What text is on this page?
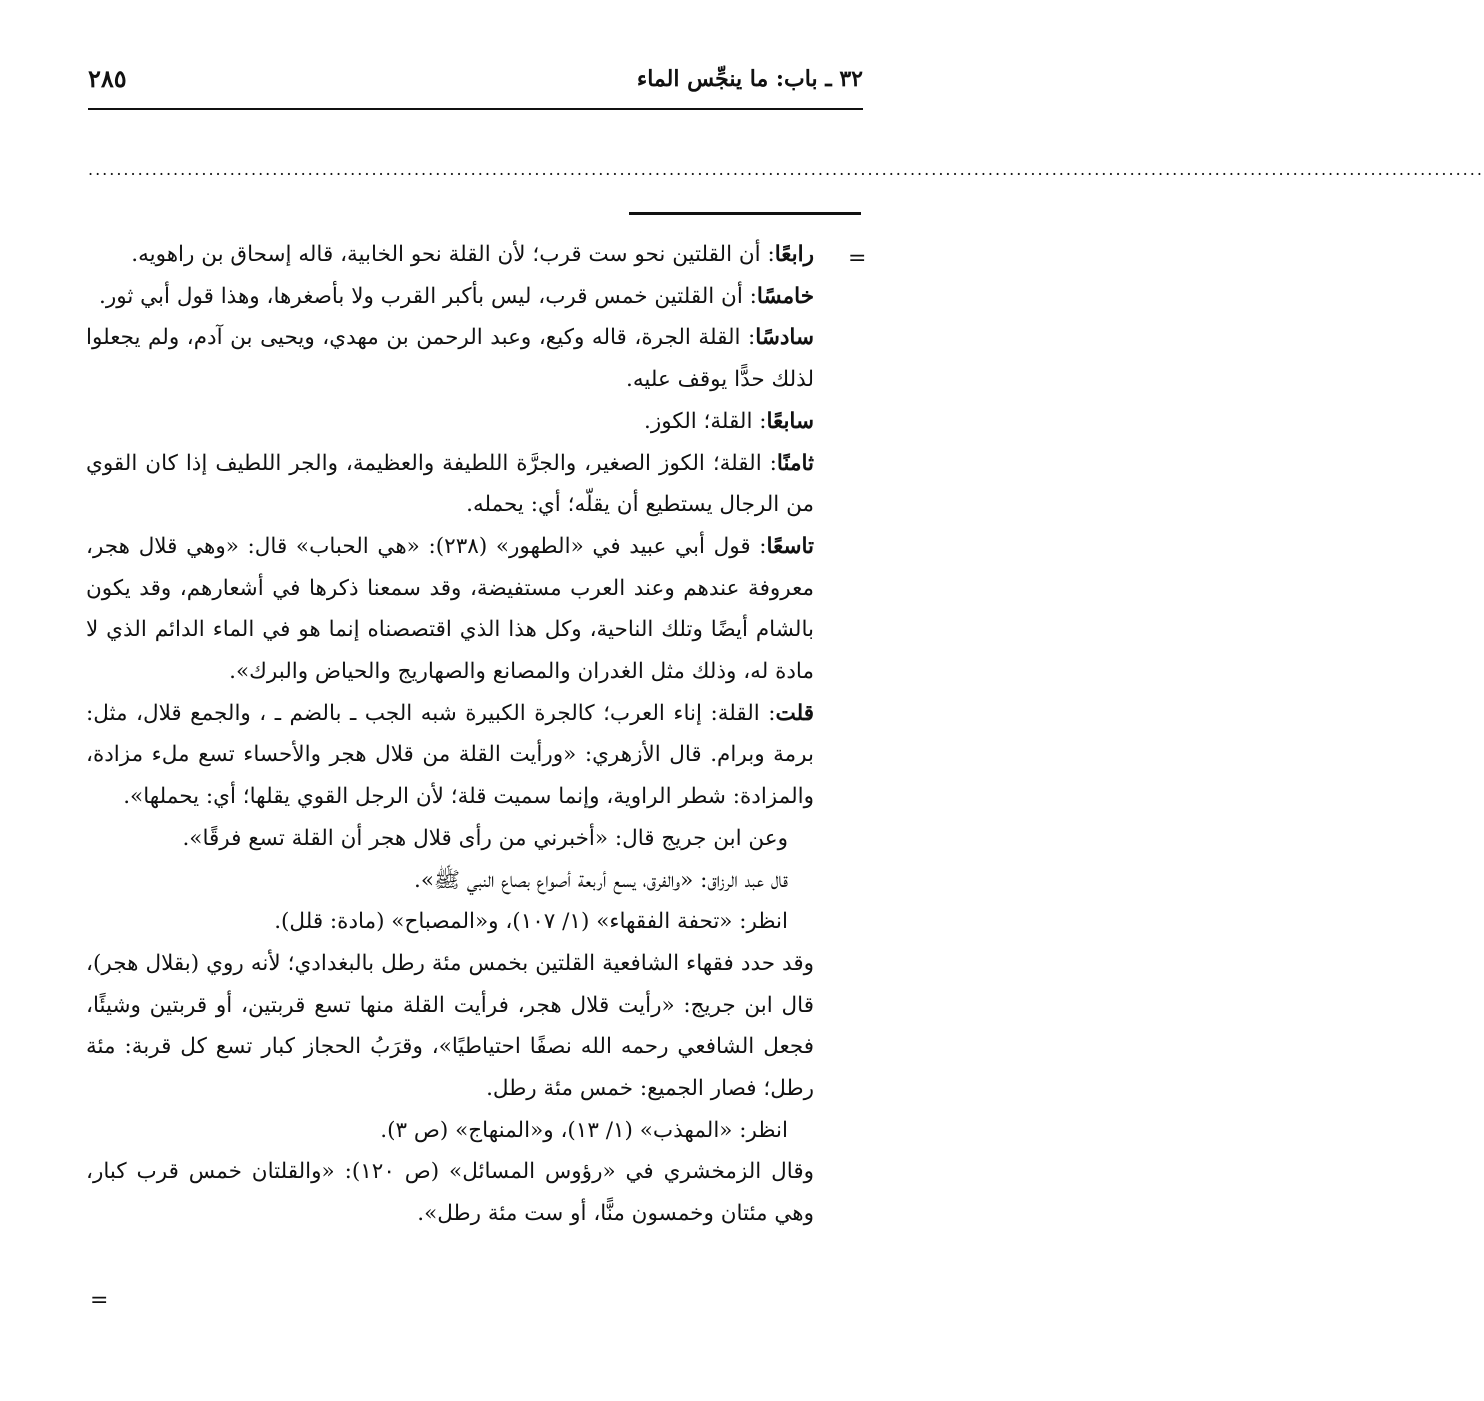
٢٨٥	٣٢ ـ باب: ما ينجِّس الماء
.....................................................................................................................................................................................................
=

رابعًا: أن القلتين نحو ست قرب؛ لأن القلة نحو الخابية، قاله إسحاق بن راهويه.

خامسًا: أن القلتين خمس قرب، ليس بأكبر القرب ولا بأصغرها، وهذا قول أبي ثور.

سادسًا: القلة الجرة، قاله وكيع، وعبد الرحمن بن مهدي، ويحيى بن آدم، ولم يجعلوا لذلك حدًّا يوقف عليه.

سابعًا: القلة؛ الكوز.

ثامنًا: القلة؛ الكوز الصغير، والجرَّة اللطيفة والعظيمة، والجر اللطيف إذا كان القوي من الرجال يستطيع أن يقلّه؛ أي: يحمله.

تاسعًا: قول أبي عبيد في «الطهور» (٢٣٨): «هي الحباب» قال: «وهي قلال هجر، معروفة عندهم وعند العرب مستفيضة، وقد سمعنا ذكرها في أشعارهم، وقد يكون بالشام أيضًا وتلك الناحية، وكل هذا الذي اقتصصناه إنما هو في الماء الدائم الذي لا مادة له، وذلك مثل الغدران والمصانع والصهاريج والحياض والبرك».

قلت: القلة: إناء العرب؛ كالجرة الكبيرة شبه الجب ـ بالضم ـ ، والجمع قلال، مثل: برمة وبرام. قال الأزهري: «ورأيت القلة من قلال هجر والأحساء تسع ملء مزادة، والمزادة: شطر الراوية، وإنما سميت قلة؛ لأن الرجل القوي يقلها؛ أي: يحملها».

وعن ابن جريج قال: «أخبرني من رأى قلال هجر أن القلة تسع فرقًا».

قال عبد الرزاق: «والفرق، يسع أربعة أصواع بصاع النبي ﷺ».

انظر: «تحفة الفقهاء» (١/ ١٠٧)، و«المصباح» (مادة: قلل).

وقد حدد فقهاء الشافعية القلتين بخمس مئة رطل بالبغدادي؛ لأنه روي (بقلال هجر)، قال ابن جريج: «رأيت قلال هجر، فرأيت القلة منها تسع قربتين، أو قربتين وشيئًا، فجعل الشافعي رحمه الله نصفًا احتياطيًا»، وقرَبُ الحجاز كبار تسع كل قربة: مئة رطل؛ فصار الجميع: خمس مئة رطل.

انظر: «المهذب» (١/ ١٣)، و«المنهاج» (ص ٣).

وقال الزمخشري في «رؤوس المسائل» (ص ١٢٠): «والقلتان خمس قرب كبار، وهي مئتان وخمسون منًّا، أو ست مئة رطل».

=
